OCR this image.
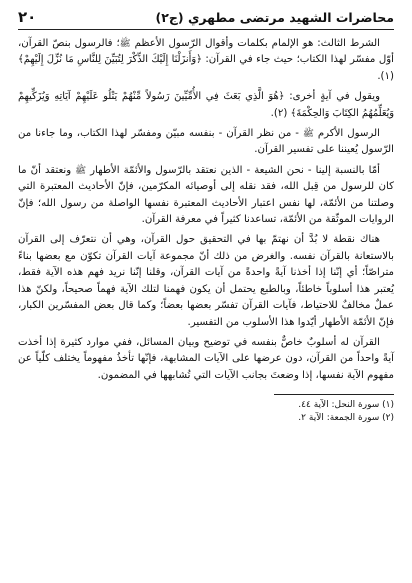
محاضرات الشهيد مرتضى مطهري (ج٢)
٢٠

الشرط الثالث: هو الإلمام بكلمات وأقوال الرّسول الأعظم ﷺ؛ فالرسول بنصّ القرآن، أوّل مفسّر لهذا الكتاب؛ حيث جاء في القرآن: ﴿وَأَنزَلْنَا إِلَيْكَ الذِّكْرَ لِتُبَيِّنَ لِلنَّاسِ مَا نُزِّلَ إِلَيْهِمْ﴾ (١).

ويقول في آيةٍ أخرى: ﴿هُوَ الَّذِي بَعَثَ فِي الأُمِّيِّينَ رَسُولاً مِّنْهُمْ يَتْلُو عَلَيْهِمْ آيَاتِهِ وَيُزَكِّيهِمْ وَيُعَلِّمُهُمُ الكِتَابَ وَالحِكْمَةَ﴾ (٢).

الرسول الأكرم ﷺ - من نظر القرآن - بنفسه مبيّن ومفسّر لهذا الكتاب، وما جاءنا من الرّسول يُعيننا على تفسير القرآن.

أمّا بالنسبة إلينا - نحن الشيعة - الذين نعتقد بالرّسول والأئمّة الأطهار ﷺ ونعتقد أنّ ما كان للرسول من قِبل الله، فقد نقله إلى أوصيائه المكرّمين، فإنّ الأحاديث المعتبرة التي وصلتنا من الأئمّة، لها نفس اعتبار الأحاديث المعتبرة نفسها الواصلة من رسول الله؛ فإنّ الروايات الموثّقة من الأئمّة، تساعدنا كثيراً في معرفة القرآن.

هناك نقطة لا بُدَّ أن نهتمّ بها في التحقيق حول القرآن، وهي أن نتعرّف إلى القرآن بالاستعانة بالقرآن نفسه. والغرض من ذلك أنّ مجموعة آيات القرآن تكوّن مع بعضها بناءً متراصّاً؛ أي إنّنا إذا أخذنا آيةً واحدةً من آيات القرآن، وقلنا إنّنا نريد فهم هذه الآية فقط، يُعتبر هذا أسلوباً خاطئاً، وبالطبع يحتمل أن يكون فهمنا لتلك الآية فهماً صحيحاً، ولكنّ هذا عملٌ مخالفٌ للاحتياط، فآيات القرآن تفسّر بعضها بعضاً؛ وكما قال بعض المفسّرين الكبار، فإنّ الأئمّة الأطهار أيّدوا هذا الأسلوب من التفسير.

القرآن له أسلوبٌ خاصٌّ بنفسه في توضيح وبيان المسائل، ففي موارد كثيرة إذا أخذت آيةً واحداً من القرآن، دون عرضها على الآيات المشابهة، فإنّها تأخذُ مفهوماً يختلف كلّياً عن مفهوم الآية نفسها، إذا وضعتَ بجانب الآيات التي تُشابهها في المضمون.

(١) سورة النحل: الآية ٤٤.
(٢) سورة الجمعة: الآية ٢.
